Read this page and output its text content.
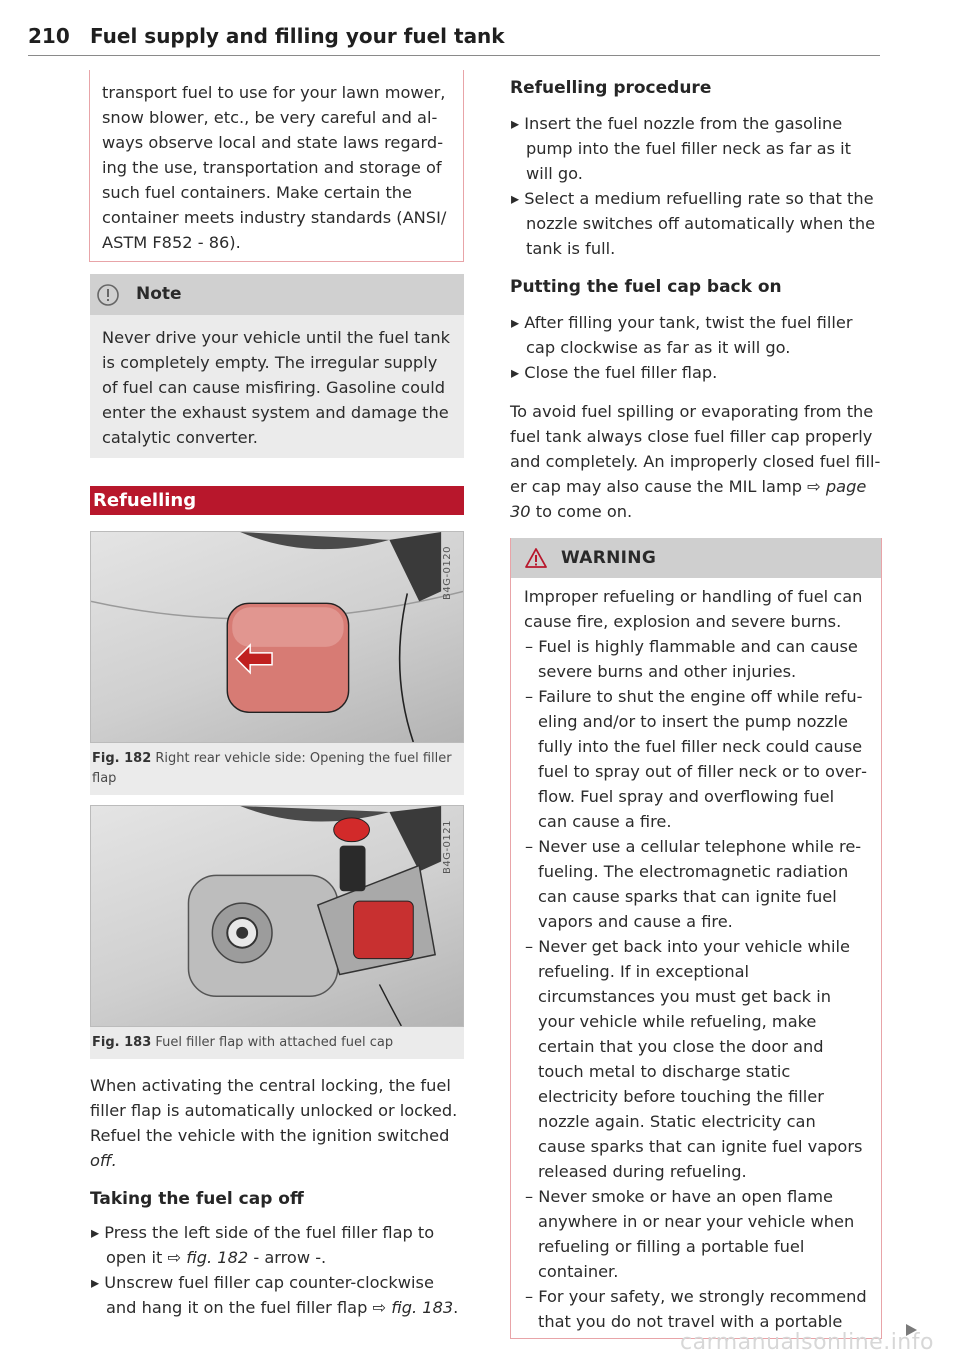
210 Fuel supply and filling your fuel tank

transport fuel to use for your lawn mower, snow blower, etc., be very careful and always observe local and state laws regarding the use, transportation and storage of such fuel containers. Make certain the container meets industry standards (ANSI/ ASTM F852 - 86).

Note

Never drive your vehicle until the fuel tank is completely empty. The irregular supply of fuel can cause misfiring. Gasoline could enter the exhaust system and damage the catalytic converter.

Refuelling
B4G-0120
Fig. 182 Right rear vehicle side: Opening the fuel filler flap
B4G-0121
Fig. 183 Fuel filler flap with attached fuel cap

When activating the central locking, the fuel filler flap is automatically unlocked or locked. Refuel the vehicle with the ignition switched off.

Taking the fuel cap off

▸ Press the left side of the fuel filler flap to open it ⇨ fig. 182 - arrow -.

▸ Unscrew fuel filler cap counter-clockwise and hang it on the fuel filler flap ⇨ fig. 183.

Refuelling procedure

▸ Insert the fuel nozzle from the gasoline pump into the fuel filler neck as far as it will go.

▸ Select a medium refuelling rate so that the nozzle switches off automatically when the tank is full.

Putting the fuel cap back on

▸ After filling your tank, twist the fuel filler cap clockwise as far as it will go.

▸ Close the fuel filler flap.

To avoid fuel spilling or evaporating from the fuel tank always close fuel filler cap properly and completely. An improperly closed fuel filler cap may also cause the MIL lamp ⇨ page 30 to come on.

WARNING

Improper refueling or handling of fuel can cause fire, explosion and severe burns.

– Fuel is highly flammable and can cause severe burns and other injuries.

– Failure to shut the engine off while refueling and/or to insert the pump nozzle fully into the fuel filler neck could cause fuel to spray out of filler neck or to overflow. Fuel spray and overflowing fuel can cause a fire.

– Never use a cellular telephone while refueling. The electromagnetic radiation can cause sparks that can ignite fuel vapors and cause a fire.

– Never get back into your vehicle while refueling. If in exceptional circumstances you must get back in your vehicle while refueling, make certain that you close the door and touch metal to discharge static electricity before touching the filler nozzle again. Static electricity can cause sparks that can ignite fuel vapors released during refueling.

– Never smoke or have an open flame anywhere in or near your vehicle when refueling or filling a portable fuel container.

– For your safety, we strongly recommend that you do not travel with a portable

carmanualsonline.info
